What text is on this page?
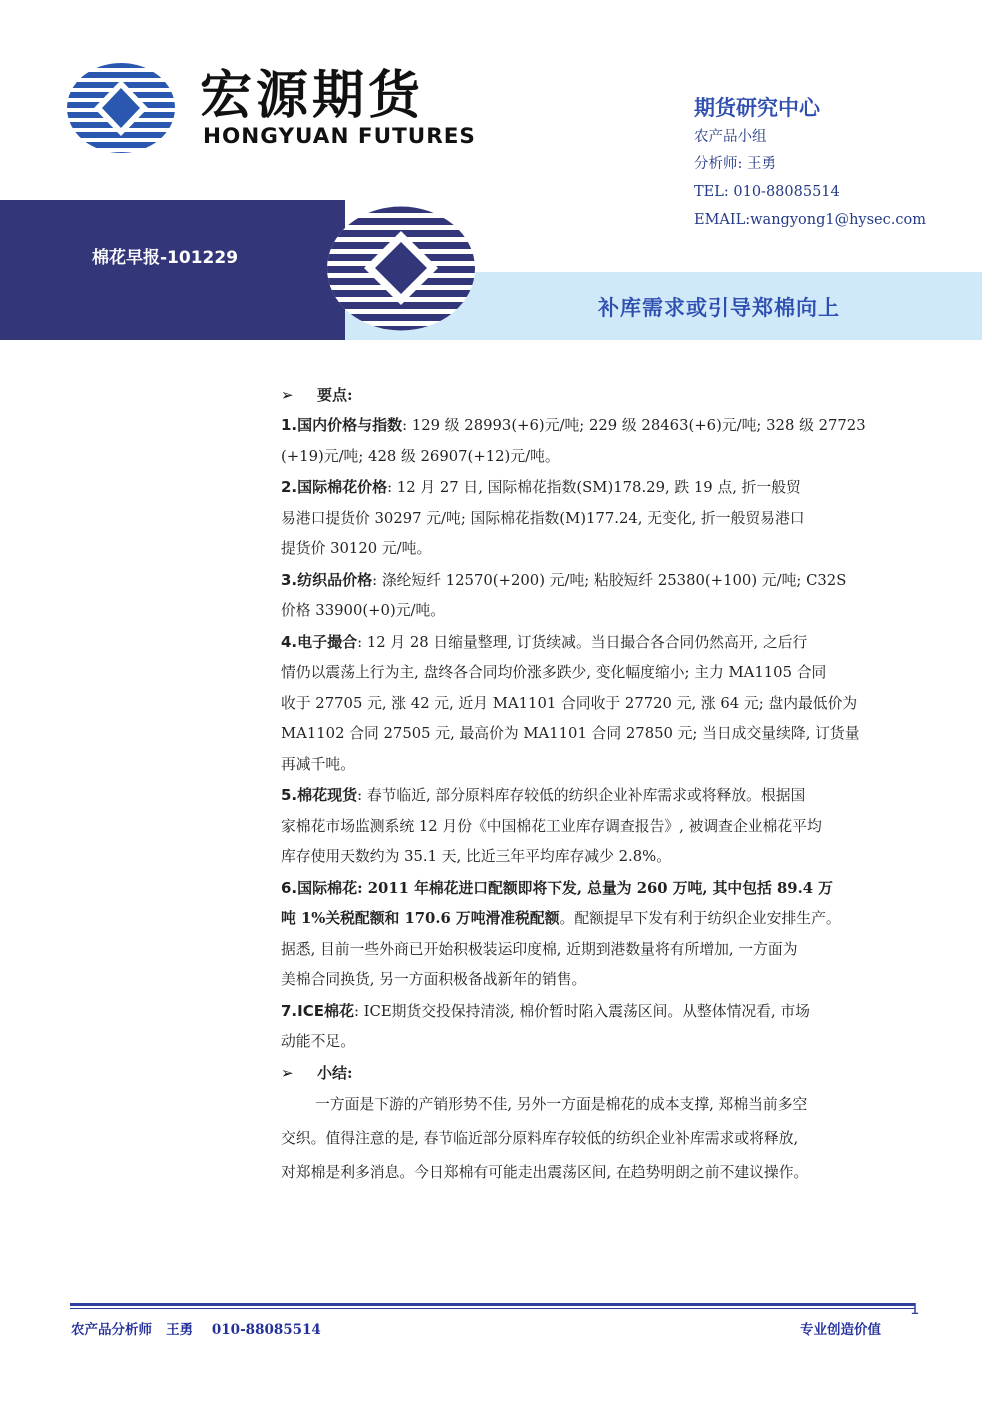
宏源期货
HONGYUAN FUTURES
期货研究中心
农产品小组
分析师: 王勇
TEL: 010-88085514
EMAIL:wangyong1@hysec.com
棉花早报-101229
补库需求或引导郑棉向上
➢ 要点:
1.国内价格与指数: 129 级 28993(+6)元/吨; 229 级 28463(+6)元/吨; 328 级 27723
(+19)元/吨; 428 级 26907(+12)元/吨。
2.国际棉花价格: 12 月 27 日, 国际棉花指数(SM)178.29, 跌 19 点, 折一般贸
易港口提货价 30297 元/吨; 国际棉花指数(M)177.24, 无变化, 折一般贸易港口
提货价 30120 元/吨。
3.纺织品价格: 涤纶短纤 12570(+200) 元/吨; 粘胶短纤 25380(+100) 元/吨; C32S
价格 33900(+0)元/吨。
4.电子撮合: 12 月 28 日缩量整理, 订货续减。当日撮合各合同仍然高开, 之后行
情仍以震荡上行为主, 盘终各合同均价涨多跌少, 变化幅度缩小; 主力 MA1105 合同
收于 27705 元, 涨 42 元, 近月 MA1101 合同收于 27720 元, 涨 64 元; 盘内最低价为
MA1102 合同 27505 元, 最高价为 MA1101 合同 27850 元; 当日成交量续降, 订货量
再减千吨。
5.棉花现货: 春节临近, 部分原料库存较低的纺织企业补库需求或将释放。根据国
家棉花市场监测系统 12 月份《中国棉花工业库存调查报告》, 被调查企业棉花平均
库存使用天数约为 35.1 天, 比近三年平均库存减少 2.8%。
6.国际棉花: 2011 年棉花进口配额即将下发, 总量为 260 万吨, 其中包括 89.4 万
吨 1%关税配额和 170.6 万吨滑准税配额。配额提早下发有利于纺织企业安排生产。
据悉, 目前一些外商已开始积极装运印度棉, 近期到港数量将有所增加, 一方面为
美棉合同换货, 另一方面积极备战新年的销售。
7.ICE棉花: ICE期货交投保持清淡, 棉价暂时陷入震荡区间。从整体情况看, 市场
动能不足。
➢ 小结:
一方面是下游的产销形势不佳, 另外一方面是棉花的成本支撑, 郑棉当前多空
交织。值得注意的是, 春节临近部分原料库存较低的纺织企业补库需求或将释放,
对郑棉是利多消息。今日郑棉有可能走出震荡区间, 在趋势明朗之前不建议操作。
1
农产品分析师   王勇    010-88085514	专业创造价值
